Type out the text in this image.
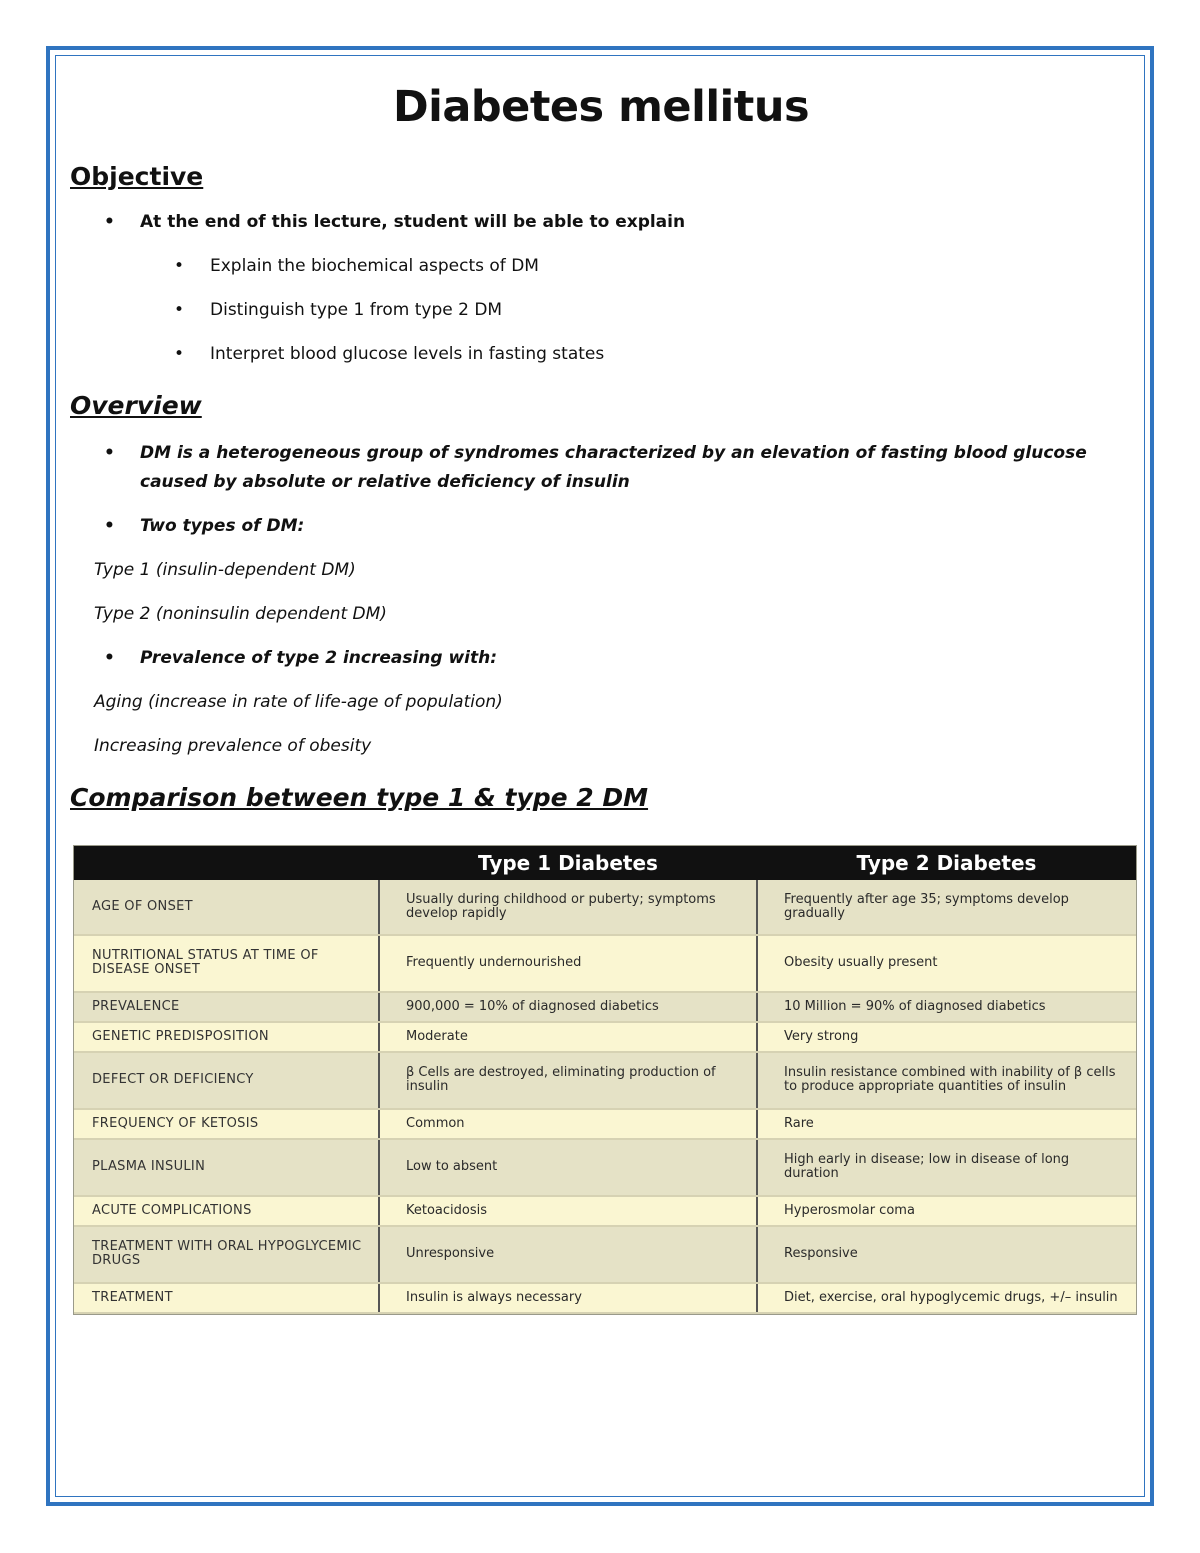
Diabetes mellitus
Objective
• At the end of this lecture, student will be able to explain
• Explain the biochemical aspects of DM
• Distinguish type 1 from type 2 DM
• Interpret blood glucose levels in fasting states
Overview
• DM is a heterogeneous group of syndromes characterized by an elevation of fasting blood glucose caused by absolute or relative deficiency of insulin
• Two types of DM:
Type 1 (insulin-dependent DM)
Type 2 (noninsulin dependent DM)
• Prevalence of type 2 increasing with:
Aging (increase in rate of life-age of population)
Increasing prevalence of obesity
Comparison between type 1 & type 2 DM
	Type 1 Diabetes	Type 2 Diabetes
AGE OF ONSET	Usually during childhood or puberty; symptoms develop rapidly	Frequently after age 35; symptoms develop gradually
NUTRITIONAL STATUS AT TIME OF DISEASE ONSET	Frequently undernourished	Obesity usually present
PREVALENCE	900,000 = 10% of diagnosed diabetics	10 Million = 90% of diagnosed diabetics
GENETIC PREDISPOSITION	Moderate	Very strong
DEFECT OR DEFICIENCY	β Cells are destroyed, eliminating production of insulin	Insulin resistance combined with inability of β cells to produce appropriate quantities of insulin
FREQUENCY OF KETOSIS	Common	Rare
PLASMA INSULIN	Low to absent	High early in disease; low in disease of long duration
ACUTE COMPLICATIONS	Ketoacidosis	Hyperosmolar coma
TREATMENT WITH ORAL HYPOGLYCEMIC DRUGS	Unresponsive	Responsive
TREATMENT	Insulin is always necessary	Diet, exercise, oral hypoglycemic drugs, +/– insulin
